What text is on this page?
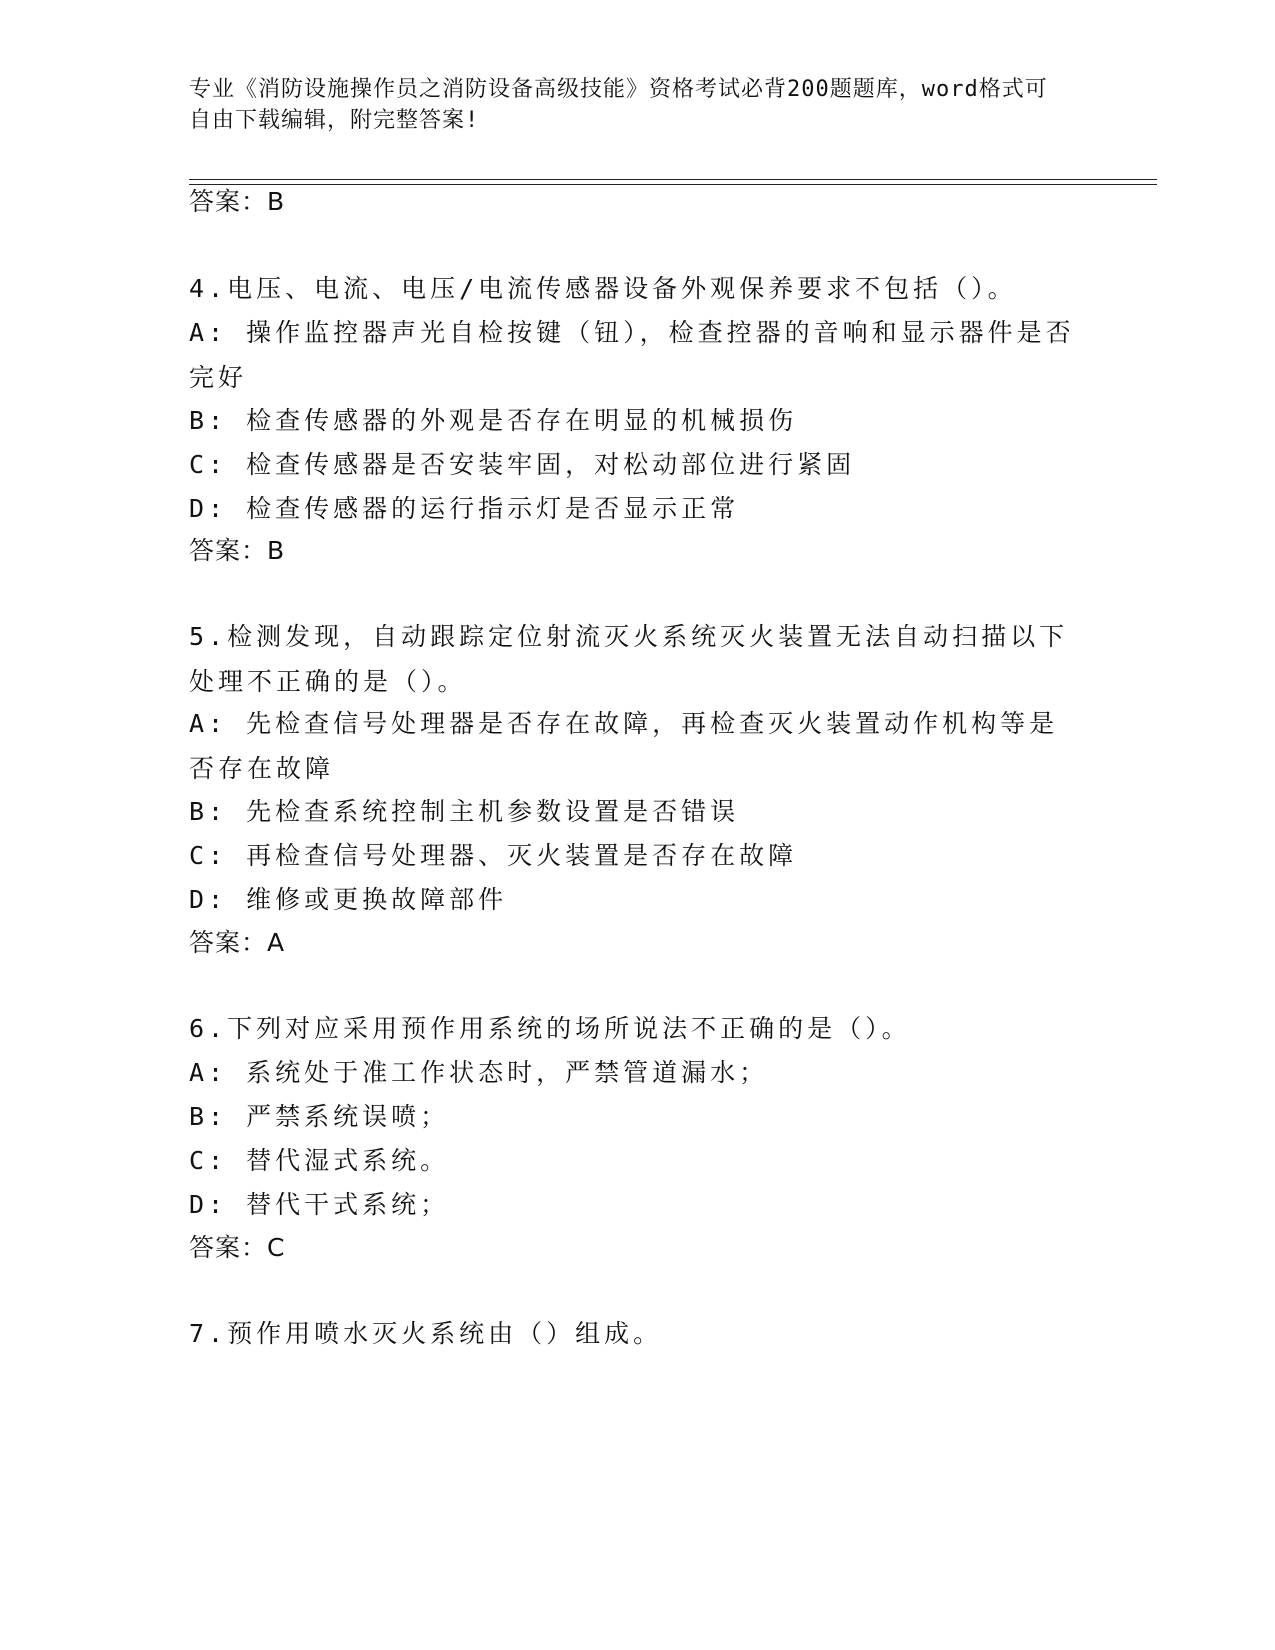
专业《消防设施操作员之消防设备高级技能》资格考试必背200题题库，word格式可自由下载编辑，附完整答案!
答案：B
4.电压、电流、电压/电流传感器设备外观保养要求不包括（）。
A: 操作监控器声光自检按键（钮），检查控器的音响和显示器件是否完好
B: 检查传感器的外观是否存在明显的机械损伤
C: 检查传感器是否安装牢固，对松动部位进行紧固
D: 检查传感器的运行指示灯是否显示正常
答案：B
5.检测发现，自动跟踪定位射流灭火系统灭火装置无法自动扫描以下处理不正确的是（）。
A: 先检查信号处理器是否存在故障，再检查灭火装置动作机构等是否存在故障
B: 先检查系统控制主机参数设置是否错误
C: 再检查信号处理器、灭火装置是否存在故障
D: 维修或更换故障部件
答案：A
6.下列对应采用预作用系统的场所说法不正确的是（）。
A: 系统处于准工作状态时，严禁管道漏水；
B: 严禁系统误喷；
C: 替代湿式系统。
D: 替代干式系统；
答案：C
7.预作用喷水灭火系统由（）组成。
